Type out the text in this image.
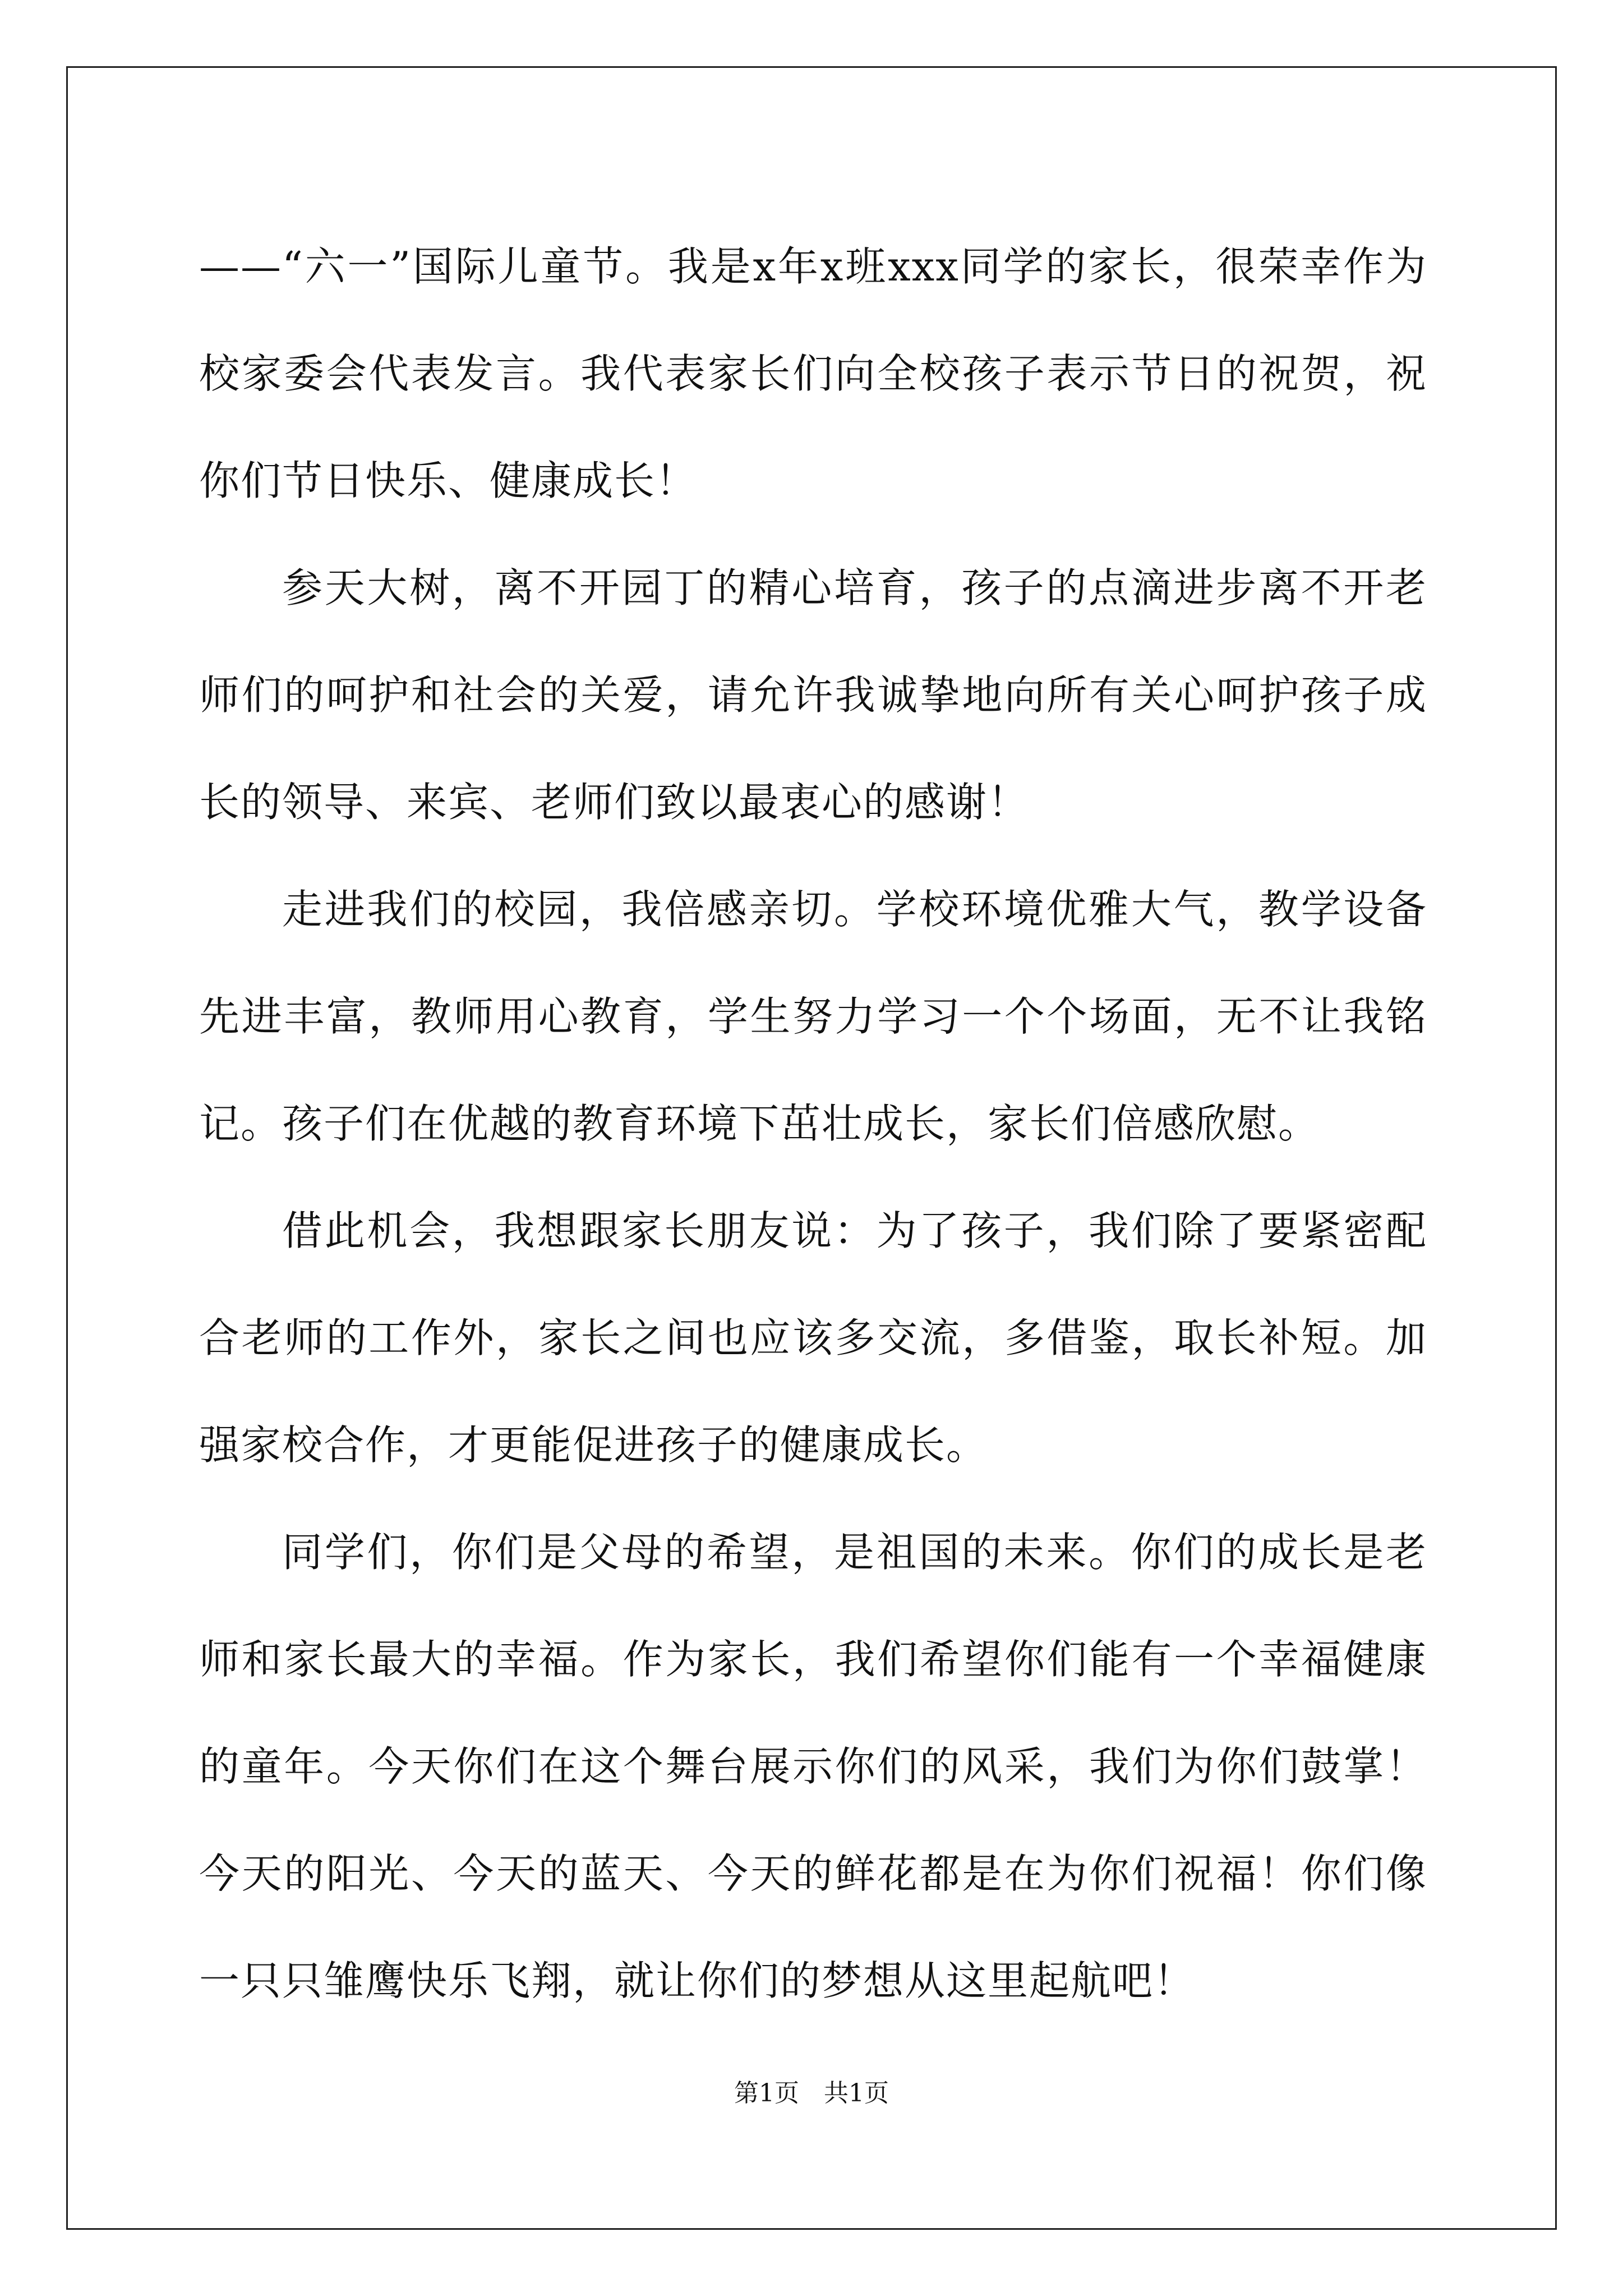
——“六一”国际儿童节。我是x年x班xxx同学的家长，很荣幸作为校家委会代表发言。我代表家长们向全校孩子表示节日的祝贺，祝你们节日快乐、健康成长！

参天大树，离不开园丁的精心培育，孩子的点滴进步离不开老师们的呵护和社会的关爱，请允许我诚挚地向所有关心呵护孩子成长的领导、来宾、老师们致以最衷心的感谢！

走进我们的校园，我倍感亲切。学校环境优雅大气，教学设备先进丰富，教师用心教育，学生努力学习一个个场面，无不让我铭记。孩子们在优越的教育环境下茁壮成长，家长们倍感欣慰。

借此机会，我想跟家长朋友说：为了孩子，我们除了要紧密配合老师的工作外，家长之间也应该多交流，多借鉴，取长补短。加强家校合作，才更能促进孩子的健康成长。

同学们，你们是父母的希望，是祖国的未来。你们的成长是老师和家长最大的幸福。作为家长，我们希望你们能有一个幸福健康的童年。今天你们在这个舞台展示你们的风采，我们为你们鼓掌！今天的阳光、今天的蓝天、今天的鲜花都是在为你们祝福！你们像一只只雏鹰快乐飞翔，就让你们的梦想从这里起航吧！

第1页　共1页
